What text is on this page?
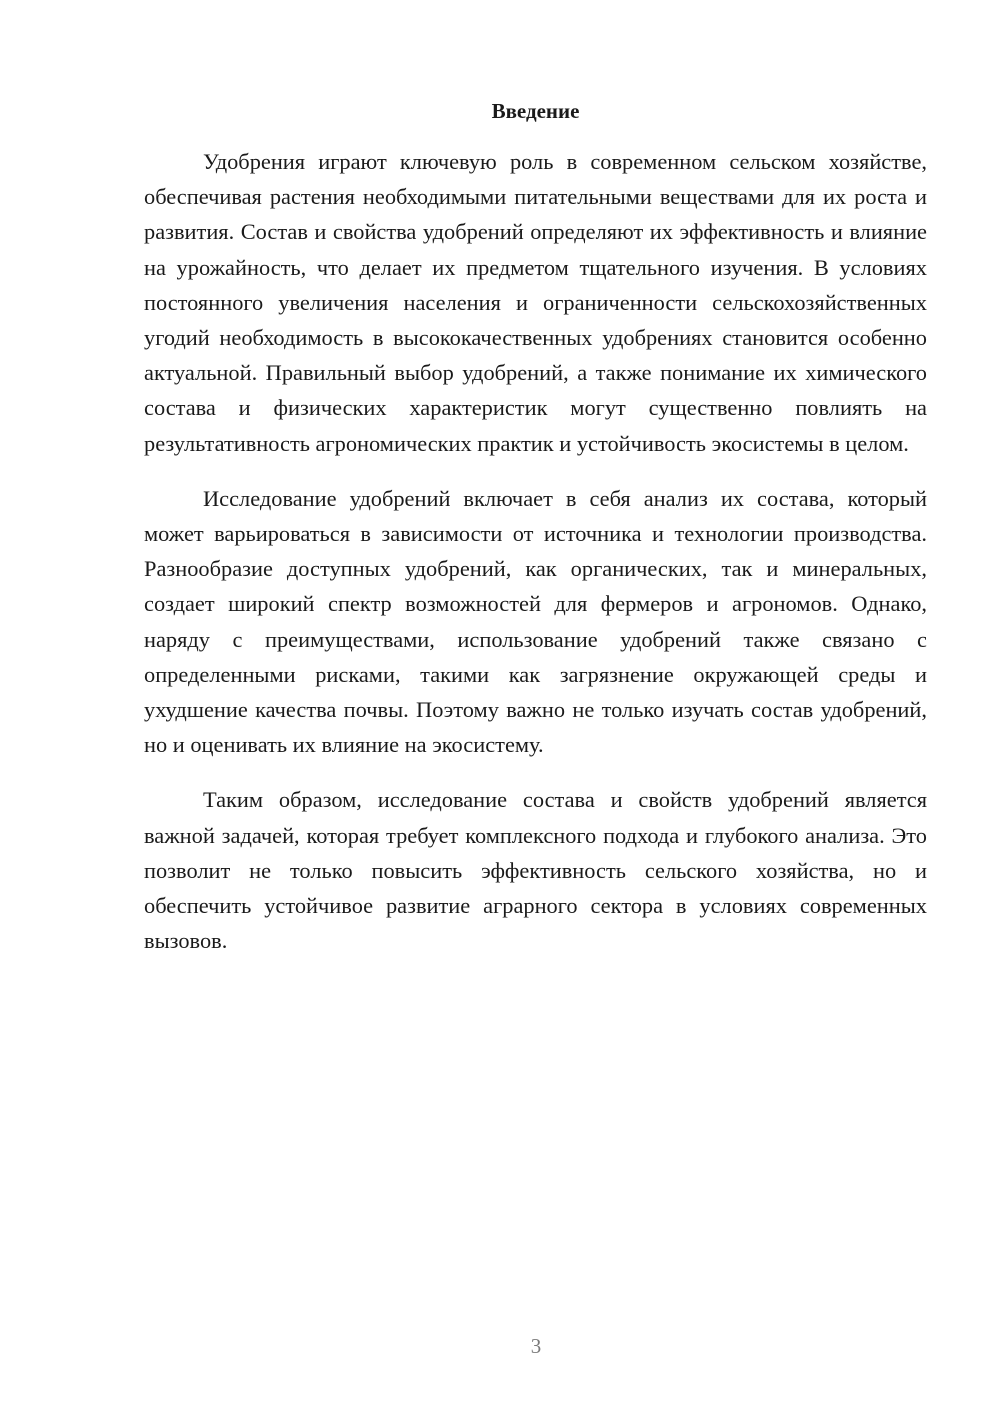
Введение

Удобрения играют ключевую роль в современном сельском хозяйстве, обеспечивая растения необходимыми питательными веществами для их роста и развития. Состав и свойства удобрений определяют их эффективность и влияние на урожайность, что делает их предметом тщательного изучения. В условиях постоянного увеличения населения и ограниченности сельскохозяйственных угодий необходимость в высококачественных удобрениях становится особенно актуальной. Правильный выбор удобрений, а также понимание их химического состава и физических характеристик могут существенно повлиять на результативность агрономических практик и устойчивость экосистемы в целом.

Исследование удобрений включает в себя анализ их состава, который может варьироваться в зависимости от источника и технологии производства. Разнообразие доступных удобрений, как органических, так и минеральных, создает широкий спектр возможностей для фермеров и агрономов. Однако, наряду с преимуществами, использование удобрений также связано с определенными рисками, такими как загрязнение окружающей среды и ухудшение качества почвы. Поэтому важно не только изучать состав удобрений, но и оценивать их влияние на экосистему.

Таким образом, исследование состава и свойств удобрений является важной задачей, которая требует комплексного подхода и глубокого анализа. Это позволит не только повысить эффективность сельского хозяйства, но и обеспечить устойчивое развитие аграрного сектора в условиях современных вызовов.

3
